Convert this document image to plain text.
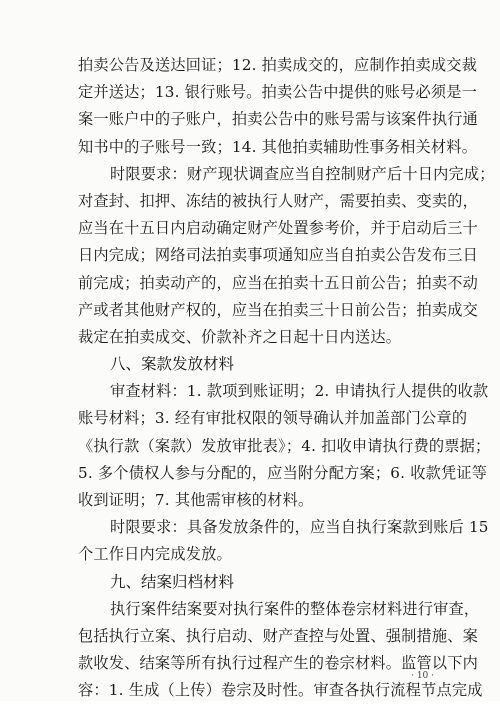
拍卖公告及送达回证；12. 拍卖成交的，应制作拍卖成交裁
定并送达；13. 银行账号。拍卖公告中提供的账号必须是一
案一账户中的子账户，拍卖公告中的账号需与该案件执行通
知书中的子账号一致；14. 其他拍卖辅助性事务相关材料。
时限要求：财产现状调查应当自控制财产后十日内完成；
对查封、扣押、冻结的被执行人财产，需要拍卖、变卖的，
应当在十五日内启动确定财产处置参考价，并于启动后三十
日内完成；网络司法拍卖事项通知应当自拍卖公告发布三日
前完成；拍卖动产的，应当在拍卖十五日前公告；拍卖不动
产或者其他财产权的，应当在拍卖三十日前公告；拍卖成交
裁定在拍卖成交、价款补齐之日起十日内送达。
八、案款发放材料
审查材料：1. 款项到账证明；2. 申请执行人提供的收款
账号材料；3. 经有审批权限的领导确认并加盖部门公章的
《执行款（案款）发放审批表》；4. 扣收申请执行费的票据；
5. 多个债权人参与分配的，应当附分配方案；6. 收款凭证等
收到证明；7. 其他需审核的材料。
时限要求：具备发放条件的，应当自执行案款到账后 15
个工作日内完成发放。
九、结案归档材料
执行案件结案要对执行案件的整体卷宗材料进行审查，
包括执行立案、执行启动、财产查控与处置、强制措施、案
款收发、结案等所有执行过程产生的卷宗材料。监管以下内
容：1. 生成（上传）卷宗及时性。审查各执行流程节点完成
· 10 ·
